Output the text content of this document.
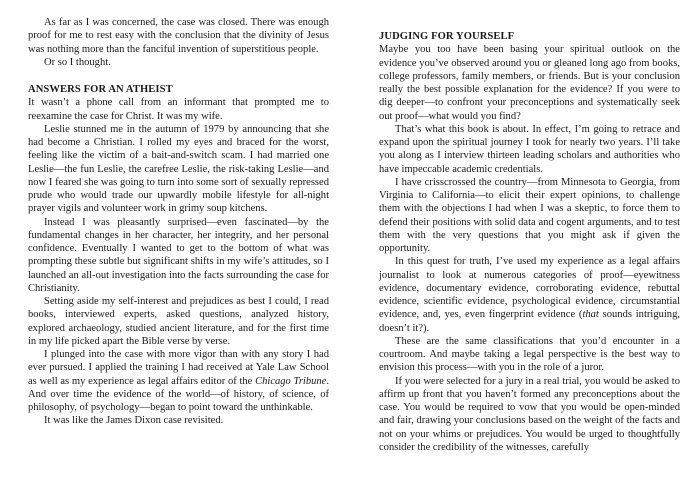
As far as I was concerned, the case was closed. There was enough proof for me to rest easy with the conclusion that the divinity of Jesus was nothing more than the fanciful invention of superstitious people.

Or so I thought.

ANSWERS FOR AN ATHEIST

It wasn’t a phone call from an informant that prompted me to reexamine the case for Christ. It was my wife.

Leslie stunned me in the autumn of 1979 by announcing that she had become a Christian. I rolled my eyes and braced for the worst, feeling like the victim of a bait-and-switch scam. I had married one Leslie—the fun Leslie, the carefree Leslie, the risk-taking Leslie—and now I feared she was going to turn into some sort of sexually repressed prude who would trade our upwardly mobile lifestyle for all-night prayer vigils and volunteer work in grimy soup kitchens.

Instead I was pleasantly surprised—even fascinated—by the fundamental changes in her character, her integrity, and her personal confidence. Eventually I wanted to get to the bottom of what was prompting these subtle but significant shifts in my wife’s attitudes, so I launched an all-out investigation into the facts surrounding the case for Christianity.

Setting aside my self-interest and prejudices as best I could, I read books, interviewed experts, asked questions, analyzed history, explored archaeology, studied ancient literature, and for the first time in my life picked apart the Bible verse by verse.

I plunged into the case with more vigor than with any story I had ever pursued. I applied the training I had received at Yale Law School as well as my experience as legal affairs editor of the Chicago Tribune. And over time the evidence of the world—of history, of science, of philosophy, of psychology—began to point toward the unthinkable.

It was like the James Dixon case revisited.

JUDGING FOR YOURSELF

Maybe you too have been basing your spiritual outlook on the evidence you’ve observed around you or gleaned long ago from books, college professors, family members, or friends. But is your conclusion really the best possible explanation for the evidence? If you were to dig deeper—to confront your preconceptions and systematically seek out proof—what would you find?

That’s what this book is about. In effect, I’m going to retrace and expand upon the spiritual journey I took for nearly two years. I’ll take you along as I interview thirteen leading scholars and authorities who have impeccable academic credentials.

I have crisscrossed the country—from Minnesota to Georgia, from Virginia to California—to elicit their expert opinions, to challenge them with the objections I had when I was a skeptic, to force them to defend their positions with solid data and cogent arguments, and to test them with the very questions that you might ask if given the opportunity.

In this quest for truth, I’ve used my experience as a legal affairs journalist to look at numerous categories of proof—eyewitness evidence, documentary evidence, corroborating evidence, rebuttal evidence, scientific evidence, psychological evidence, circumstantial evidence, and, yes, even fingerprint evidence (that sounds intriguing, doesn’t it?).

These are the same classifications that you’d encounter in a courtroom. And maybe taking a legal perspective is the best way to envision this process—with you in the role of a juror.

If you were selected for a jury in a real trial, you would be asked to affirm up front that you haven’t formed any preconceptions about the case. You would be required to vow that you would be open-minded and fair, drawing your conclusions based on the weight of the facts and not on your whims or prejudices. You would be urged to thoughtfully consider the credibility of the witnesses, carefully
